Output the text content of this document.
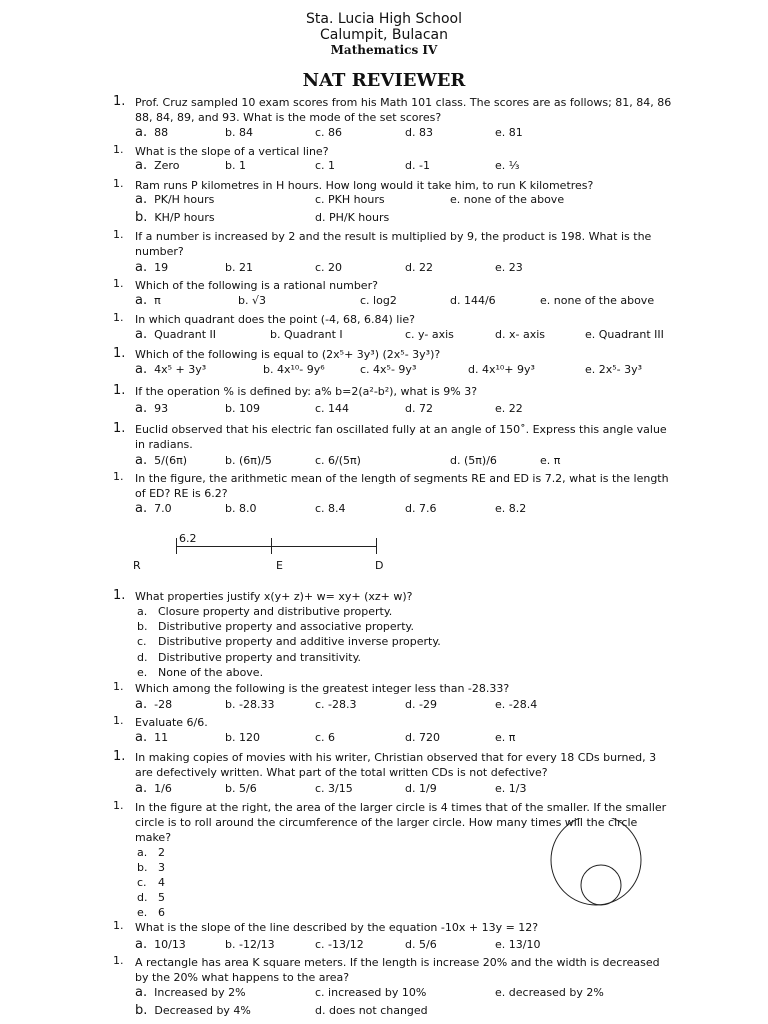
Sta. Lucia High School
Calumpit, Bulacan
Mathematics IV
NAT REVIEWER
1. Prof. Cruz sampled 10 exam scores from his Math 101 class. The scores are as follows; 81, 84, 86 88, 84, 89, and 93. What is the mode of the set scores?
a. 88	b. 84	c. 86	d. 83	e. 81
1. What is the slope of a vertical line?
a. Zero	b. 1	c. 1	d. -1	e. ⅓
1. Ram runs P kilometres in H hours. How long would it take him, to run K kilometres?
a. PK/H hours	c. PKH hours	e. none of the above
b. KH/P hours	d. PH/K hours
1. If a number is increased by 2 and the result is multiplied by 9, the product is 198. What is the number?
a. 19	b. 21	c. 20	d. 22	e. 23
1. Which of the following is a rational number?
a. π	b. √3	c. log2	d. 144/6	e. none of the above
1. In which quadrant does the point (-4, 68, 6.84) lie?
a. Quadrant II	b. Quadrant I	c. y- axis	d. x- axis	e. Quadrant III
1. Which of the following is equal to (2x⁵+ 3y³) (2x⁵- 3y³)?
a. 4x⁵ + 3y³	b. 4x¹⁰- 9y⁶	c. 4x⁵- 9y³	d. 4x¹⁰+ 9y³	e. 2x⁵- 3y³
1. If the operation % is defined by: a% b=2(a²-b²), what is 9% 3?
a. 93	b. 109	c. 144	d. 72	e. 22
1. Euclid observed that his electric fan oscillated fully at an angle of 150˚. Express this angle value in radians.
a. 5/(6π)	b. (6π)/5	c. 6/(5π)	d. (5π)/6	e. π
1. In the figure, the arithmetic mean of the length of segments RE and ED is 7.2, what is the length of ED? RE is 6.2?
a. 7.0	b. 8.0	c. 8.4	d. 7.6	e. 8.2
1. What properties justify x(y+ z)+ w= xy+ (xz+ w)?
a. Closure property and distributive property.
b. Distributive property and associative property.
c. Distributive property and additive inverse property.
d. Distributive property and transitivity.
e. None of the above.
1. Which among the following is the greatest integer less than -28.33?
a. -28	b. -28.33	c. -28.3	d. -29	e. -28.4
1. Evaluate 6/6.
a. 11	b. 120	c. 6	d. 720	e. π
1. In making copies of movies with his writer, Christian observed that for every 18 CDs burned, 3 are defectively written. What part of the total written CDs is not defective?
a. 1/6	b. 5/6	c. 3/15	d. 1/9	e. 1/3
1. In the figure at the right, the area of the larger circle is 4 times that of the smaller. If the smaller circle is to roll around the circumference of the larger circle. How many times will the circle make?
a. 2
b. 3
c. 4
d. 5
e. 6
1. What is the slope of the line described by the equation -10x + 13y = 12?
a. 10/13	b. -12/13	c. -13/12	d. 5/6	e. 13/10
1. A rectangle has area K square meters. If the length is increase 20% and the width is decreased by the 20% what happens to the area?
a. Increased by 2%	c. increased by 10%	e. decreased by 2%
b. Decreased by 4%	d. does not changed
6.2
R	E	D
